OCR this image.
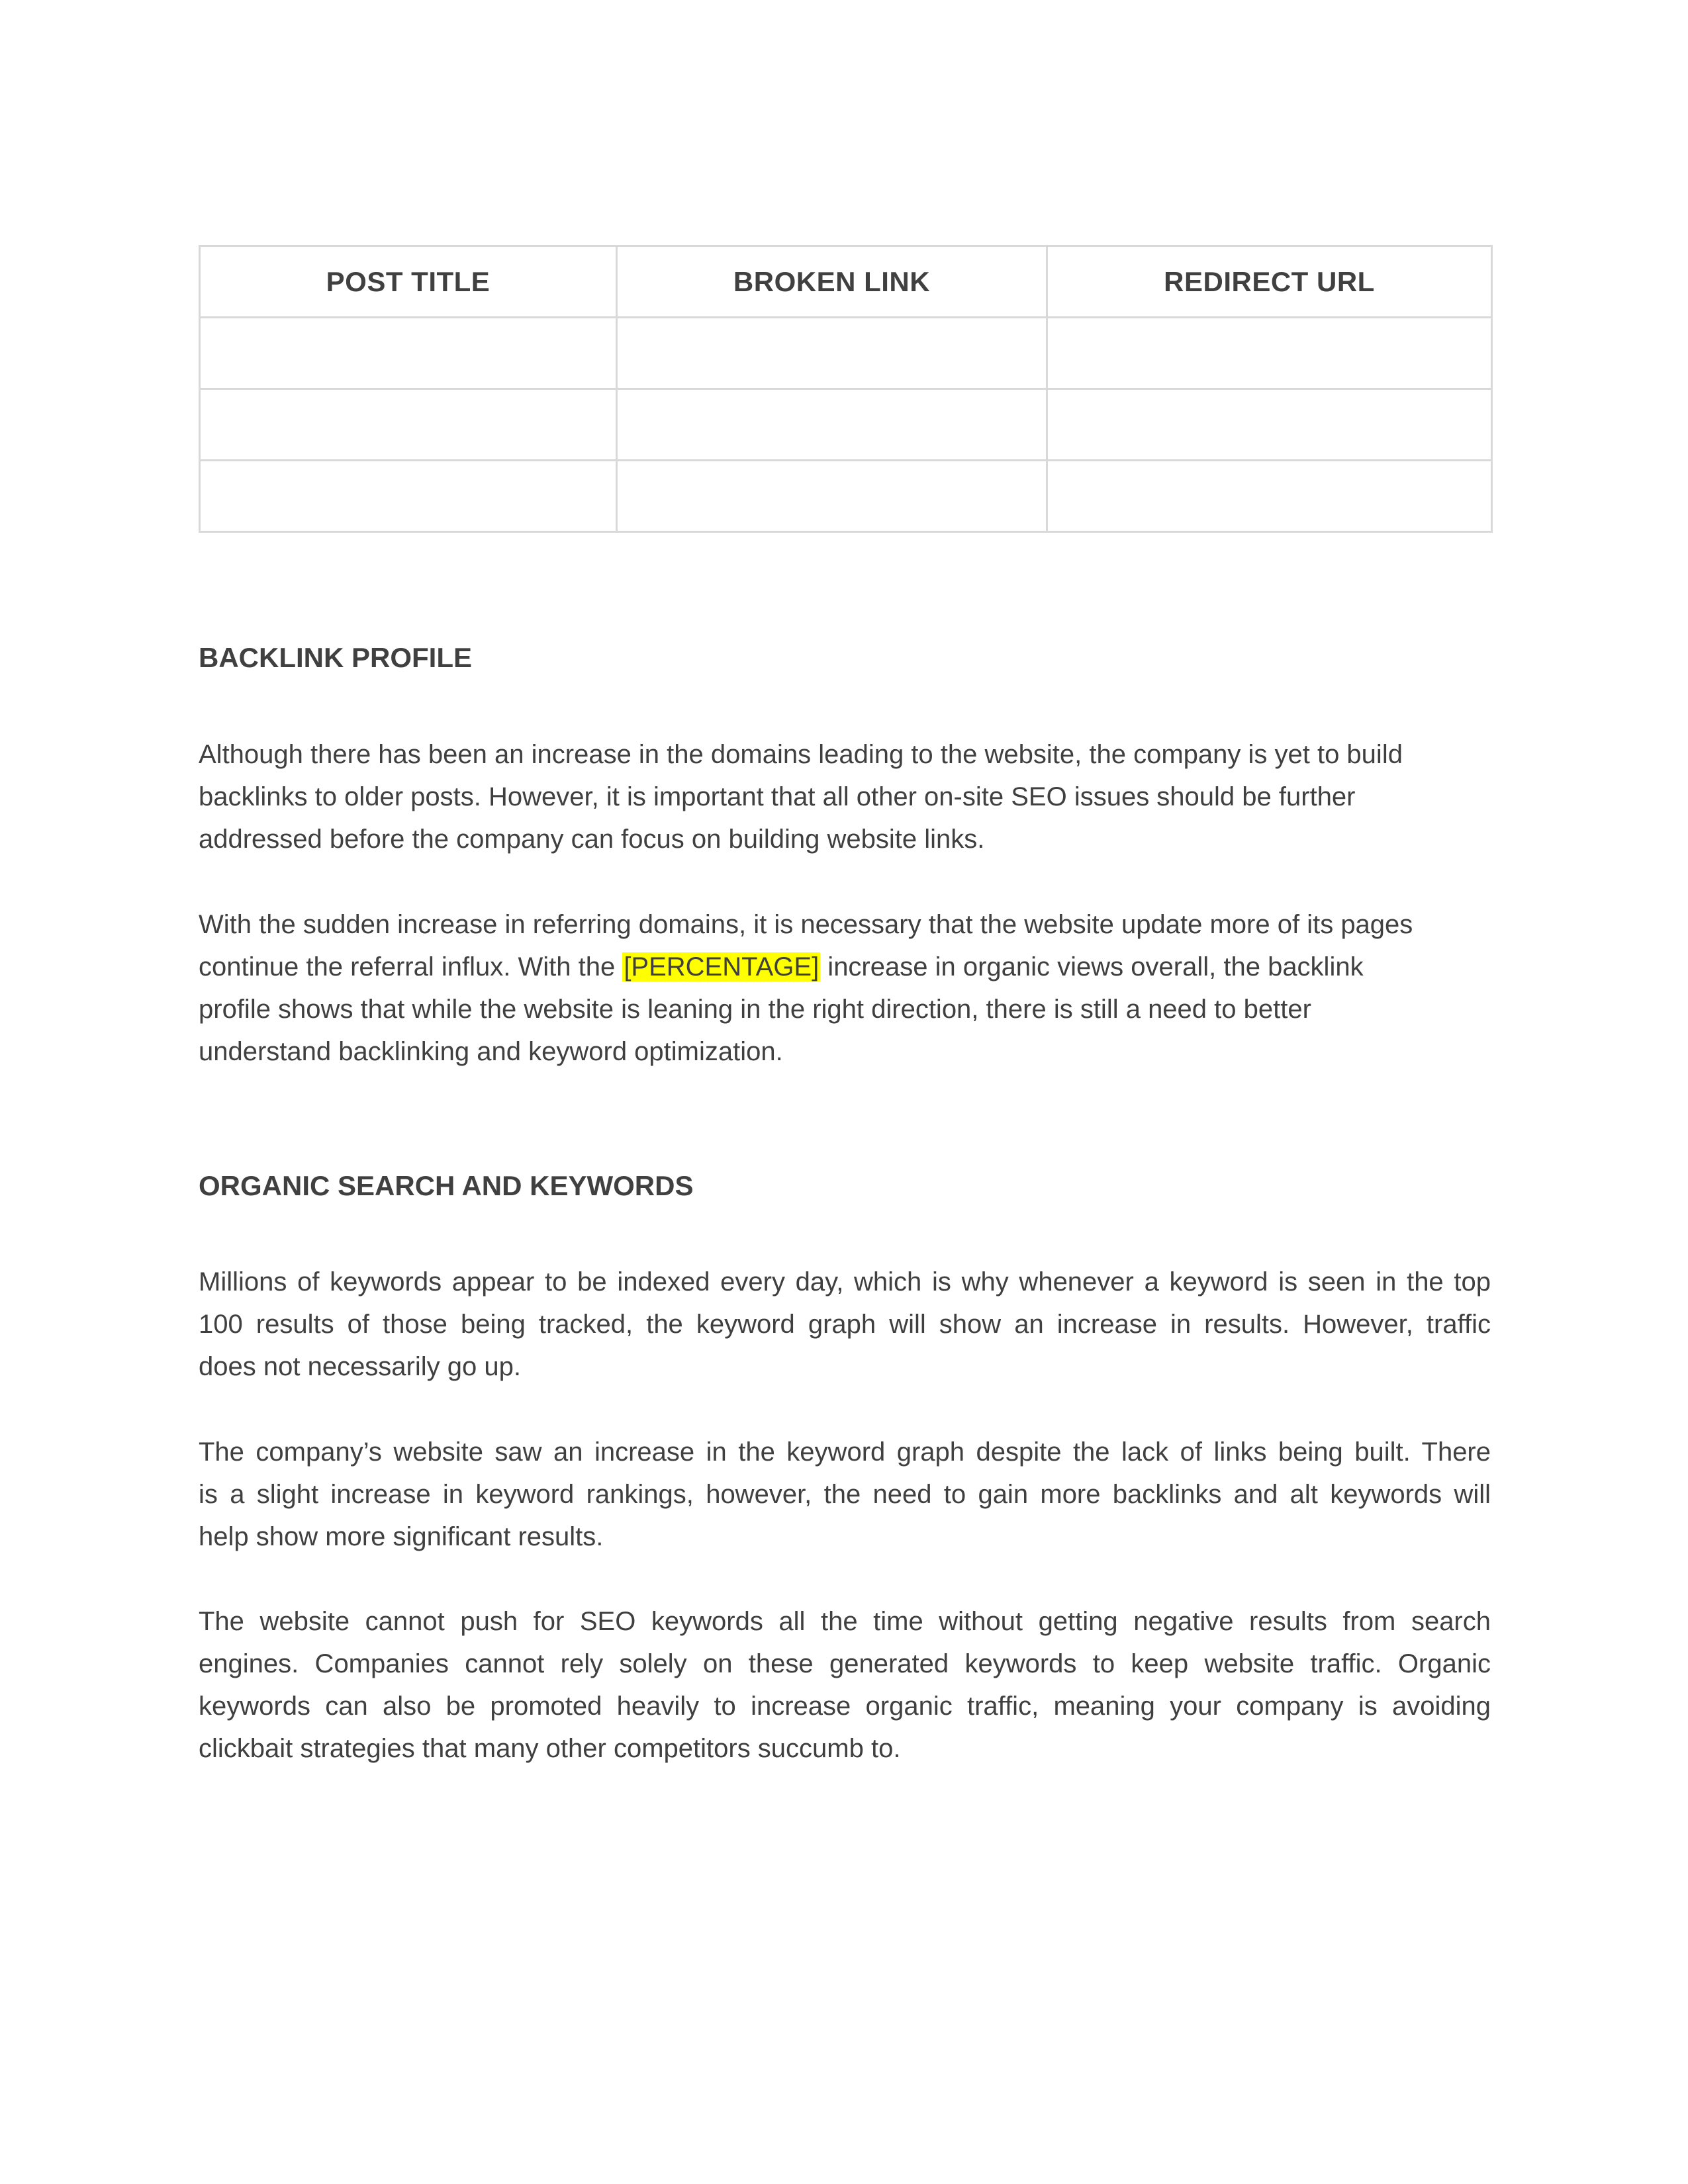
POST TITLE	BROKEN LINK	REDIRECT URL

BACKLINK PROFILE

Although there has been an increase in the domains leading to the website, the company is yet to build
backlinks to older posts. However, it is important that all other on-site SEO issues should be further
addressed before the company can focus on building website links.

With the sudden increase in referring domains, it is necessary that the website update more of its pages
continue the referral influx. With the [PERCENTAGE] increase in organic views overall, the backlink
profile shows that while the website is leaning in the right direction, there is still a need to better
understand backlinking and keyword optimization.

ORGANIC SEARCH AND KEYWORDS

Millions of keywords appear to be indexed every day, which is why whenever a keyword is seen in the top
100 results of those being tracked, the keyword graph will show an increase in results. However, traffic
does not necessarily go up.

The company’s website saw an increase in the keyword graph despite the lack of links being built. There
is a slight increase in keyword rankings, however, the need to gain more backlinks and alt keywords will
help show more significant results.

The website cannot push for SEO keywords all the time without getting negative results from search
engines. Companies cannot rely solely on these generated keywords to keep website traffic. Organic
keywords can also be promoted heavily to increase organic traffic, meaning your company is avoiding
clickbait strategies that many other competitors succumb to.
